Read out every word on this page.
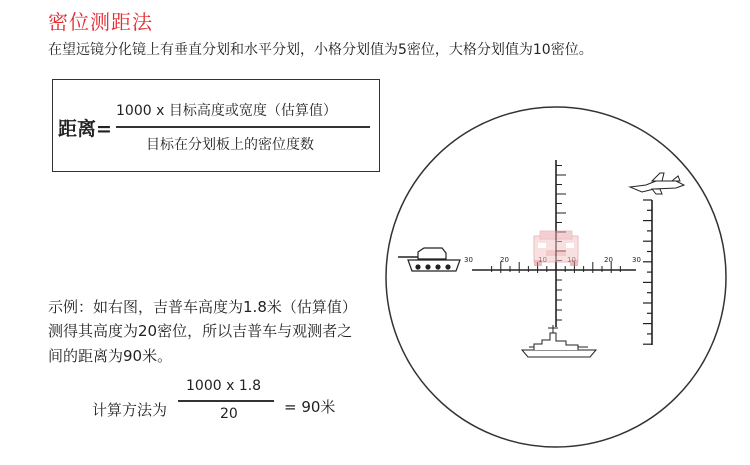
密位测距法
在望远镜分化镜上有垂直分划和水平分划，小格分划值为5密位，大格分划值为10密位。
距离=
1000 x 目标高度或宽度（估算值）
目标在分划板上的密位度数
示例：如右图，吉普车高度为1.8米（估算值）
测得其高度为20密位，所以吉普车与观测者之
间的距离为90米。
计算方法为
1000 x 1.8
20	= 90米
30	20	20	30
